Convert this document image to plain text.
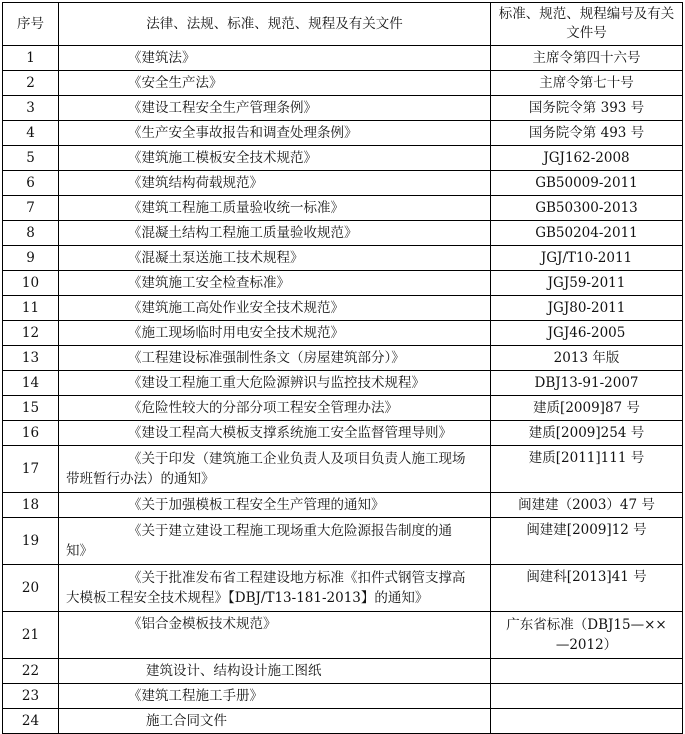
序号	法律、法规、标准、规范、规程及有关文件	标准、规范、规程编号及有关文件号
1	《建筑法》	主席令第四十六号
2	《安全生产法》	主席令第七十号
3	《建设工程安全生产管理条例》	国务院令第 393 号
4	《生产安全事故报告和调查处理条例》	国务院令第 493 号
5	《建筑施工模板安全技术规范》	JGJ162-2008
6	《建筑结构荷载规范》	GB50009-2011
7	《建筑工程施工质量验收统一标准》	GB50300-2013
8	《混凝土结构工程施工质量验收规范》	GB50204-2011
9	《混凝土泵送施工技术规程》	JGJ/T10-2011
10	《建筑施工安全检查标准》	JGJ59-2011
11	《建筑施工高处作业安全技术规范》	JGJ80-2011
12	《施工现场临时用电安全技术规范》	JGJ46-2005
13	《工程建设标准强制性条文（房屋建筑部分）》	2013 年版
14	《建设工程施工重大危险源辨识与监控技术规程》	DBJ13-91-2007
15	《危险性较大的分部分项工程安全管理办法》	建质[2009]87 号
16	《建设工程高大模板支撑系统施工安全监督管理导则》	建质[2009]254 号
17	《关于印发（建筑施工企业负责人及项目负责人施工现场
带班暂行办法）的通知》	建质[2011]111 号
18	《关于加强模板工程安全生产管理的通知》	闽建建（2003）47 号
19	《关于建立建设工程施工现场重大危险源报告制度的通
知》	闽建建[2009]12 号
20	《关于批准发布省工程建设地方标准《扣件式钢管支撑高
大模板工程安全技术规程》【DBJ/T13-181-2013】的通知》	闽建科[2013]41 号
21	《铝合金模板技术规范》	广东省标准（DBJ15—××
—2012）
22	建筑设计、结构设计施工图纸	
23	《建筑工程施工手册》	
24	施工合同文件	
